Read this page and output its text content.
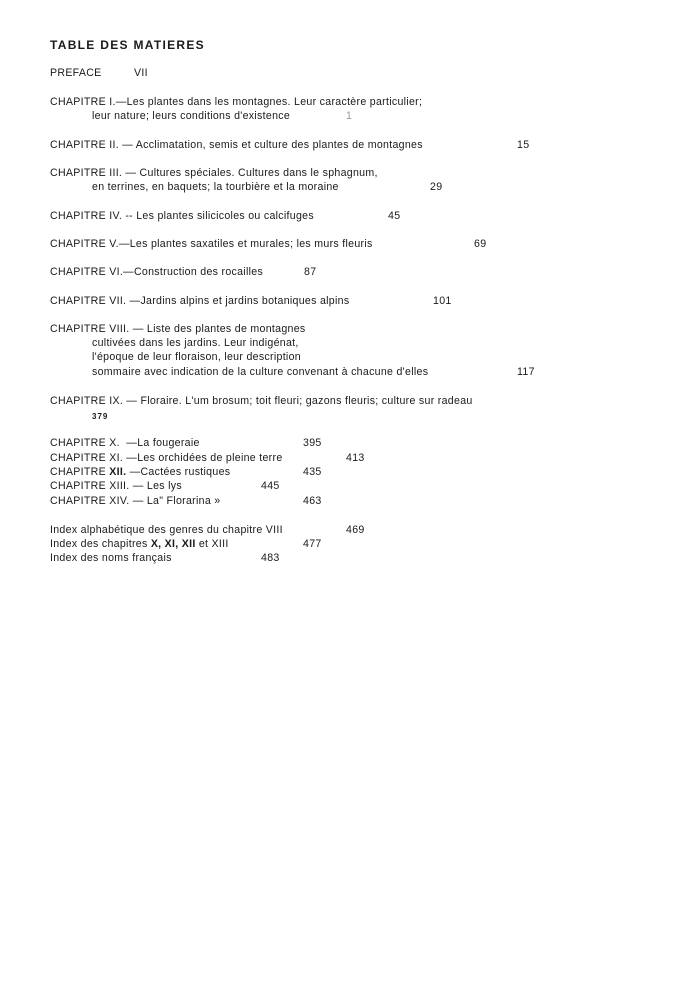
TABLE DES MATIERES
PREFACE	VII
CHAPITRE I.—Les plantes dans les montagnes. Leur caractère particulier;
leur nature; leurs conditions d'existence	1
CHAPITRE II. — Acclimatation, semis et culture des plantes de montagnes	15
CHAPITRE III. — Cultures spéciales. Cultures dans le sphagnum,
en terrines, en baquets; la tourbière et la moraine	29
CHAPITRE IV. -- Les plantes silicicoles ou calcifuges	45
CHAPITRE V.—Les plantes saxatiles et murales; les murs fleuris	69
CHAPITRE VI.—Construction des rocailles	87
CHAPITRE VII. —Jardins alpins et jardins botaniques alpins	101
CHAPITRE VIII. — Liste des plantes de montagnes
cultivées dans les jardins. Leur indigénat,
l'époque de leur floraison, leur description
sommaire avec indication de la culture convenant à chacune d'elles	117
CHAPITRE IX. — Floraire. L'um brosum; toit fleuri; gazons fleuris; culture sur radeau
379
CHAPITRE X.  —La fougeraie	395
CHAPITRE XI. —Les orchidées de pleine terre	413
CHAPITRE XII. —Cactées rustiques	435
CHAPITRE XIII. — Les lys	445
CHAPITRE XIV. — La" Florarina »	463
Index alphabétique des genres du chapitre VIII	469
Index des chapitres X, XI, XII et XIII	477
Index des noms français	483
